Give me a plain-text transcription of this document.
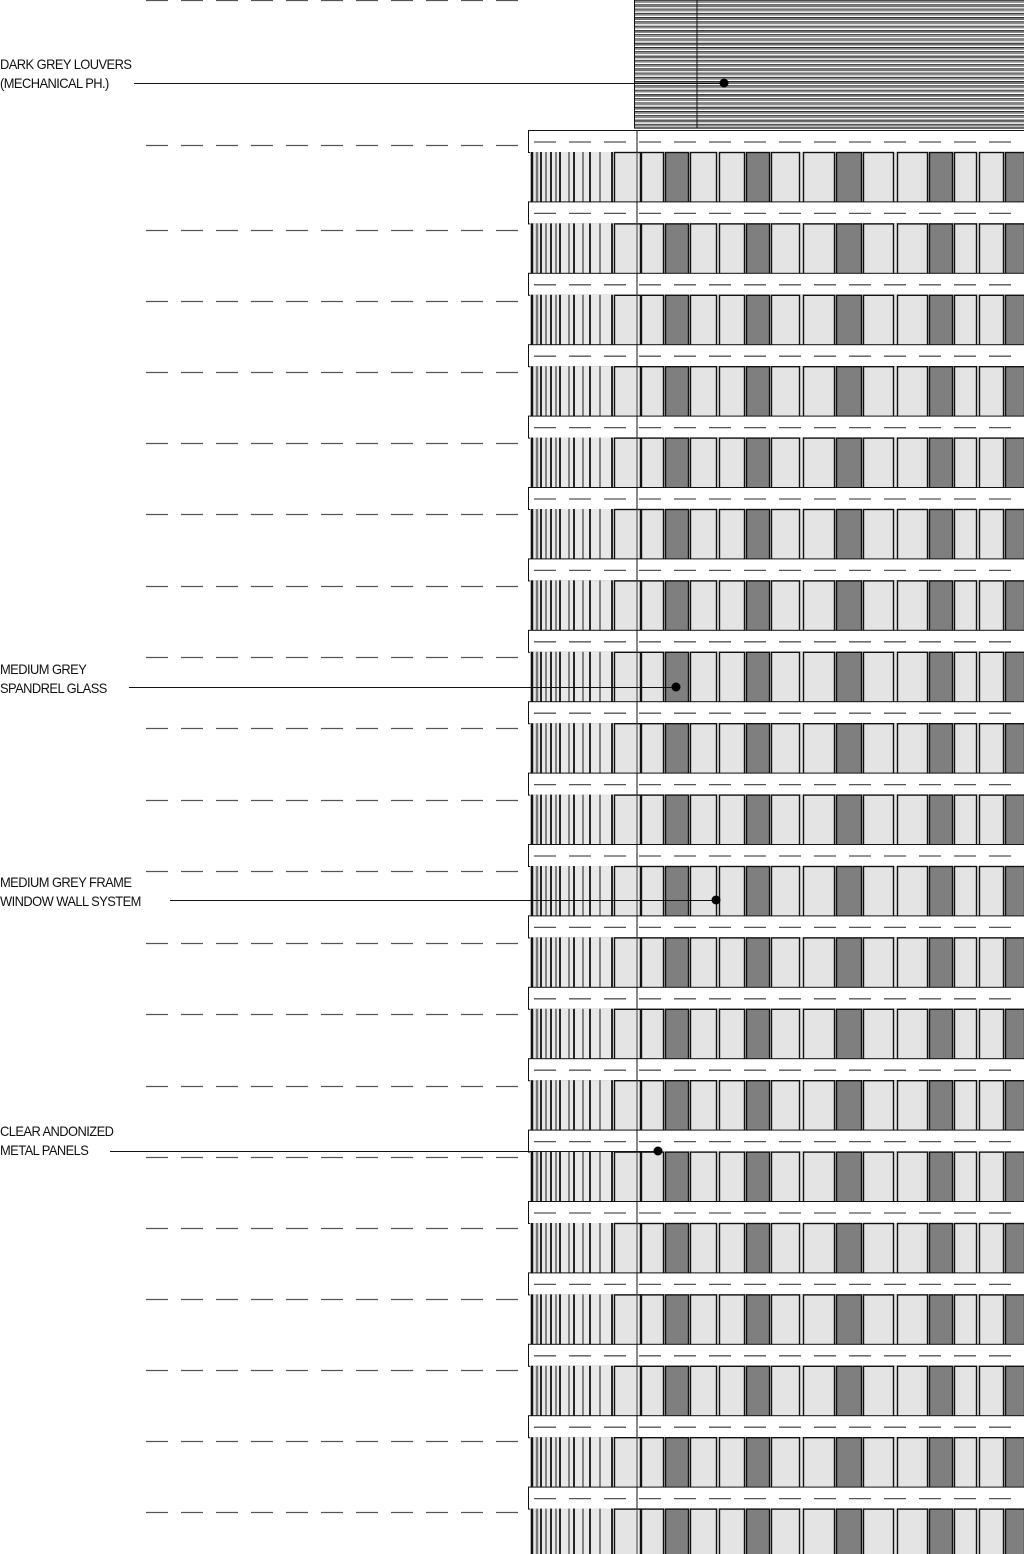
DARK GREY LOUVERS
(MECHANICAL PH.)
MEDIUM GREY
SPANDREL GLASS
MEDIUM GREY FRAME
WINDOW WALL SYSTEM
CLEAR ANDONIZED
METAL PANELS
